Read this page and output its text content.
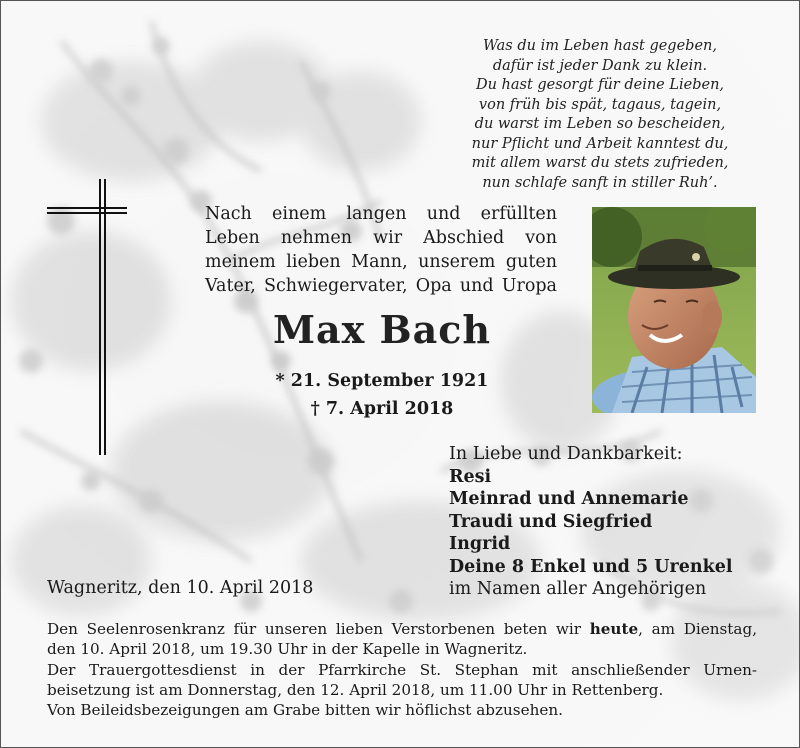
Was du im Leben hast gegeben,
dafür ist jeder Dank zu klein.
Du hast gesorgt für deine Lieben,
von früh bis spät, tagaus, tagein,
du warst im Leben so bescheiden,
nur Pflicht und Arbeit kanntest du,
mit allem warst du stets zufrieden,
nun schlafe sanft in stiller Ruh’.
Nach einem langen und erfüllten
Leben nehmen wir Abschied von
meinem lieben Mann, unserem guten
Vater, Schwiegervater, Opa und Uropa
Max Bach
* 21. September 1921
† 7. April 2018
In Liebe und Dankbarkeit:
Resi
Meinrad und Annemarie
Traudi und Siegfried
Ingrid
Deine 8 Enkel und 5 Urenkel
im Namen aller Angehörigen
Wagneritz, den 10. April 2018
Den Seelenrosenkranz für unseren lieben Verstorbenen beten wir heute, am Dienstag,
den 10. April 2018, um 19.30 Uhr in der Kapelle in Wagneritz.
Der Trauergottesdienst in der Pfarrkirche St. Stephan mit anschließender Urnen-
beisetzung ist am Donnerstag, den 12. April 2018, um 11.00 Uhr in Rettenberg.
Von Beileidsbezeigungen am Grabe bitten wir höflichst abzusehen.
